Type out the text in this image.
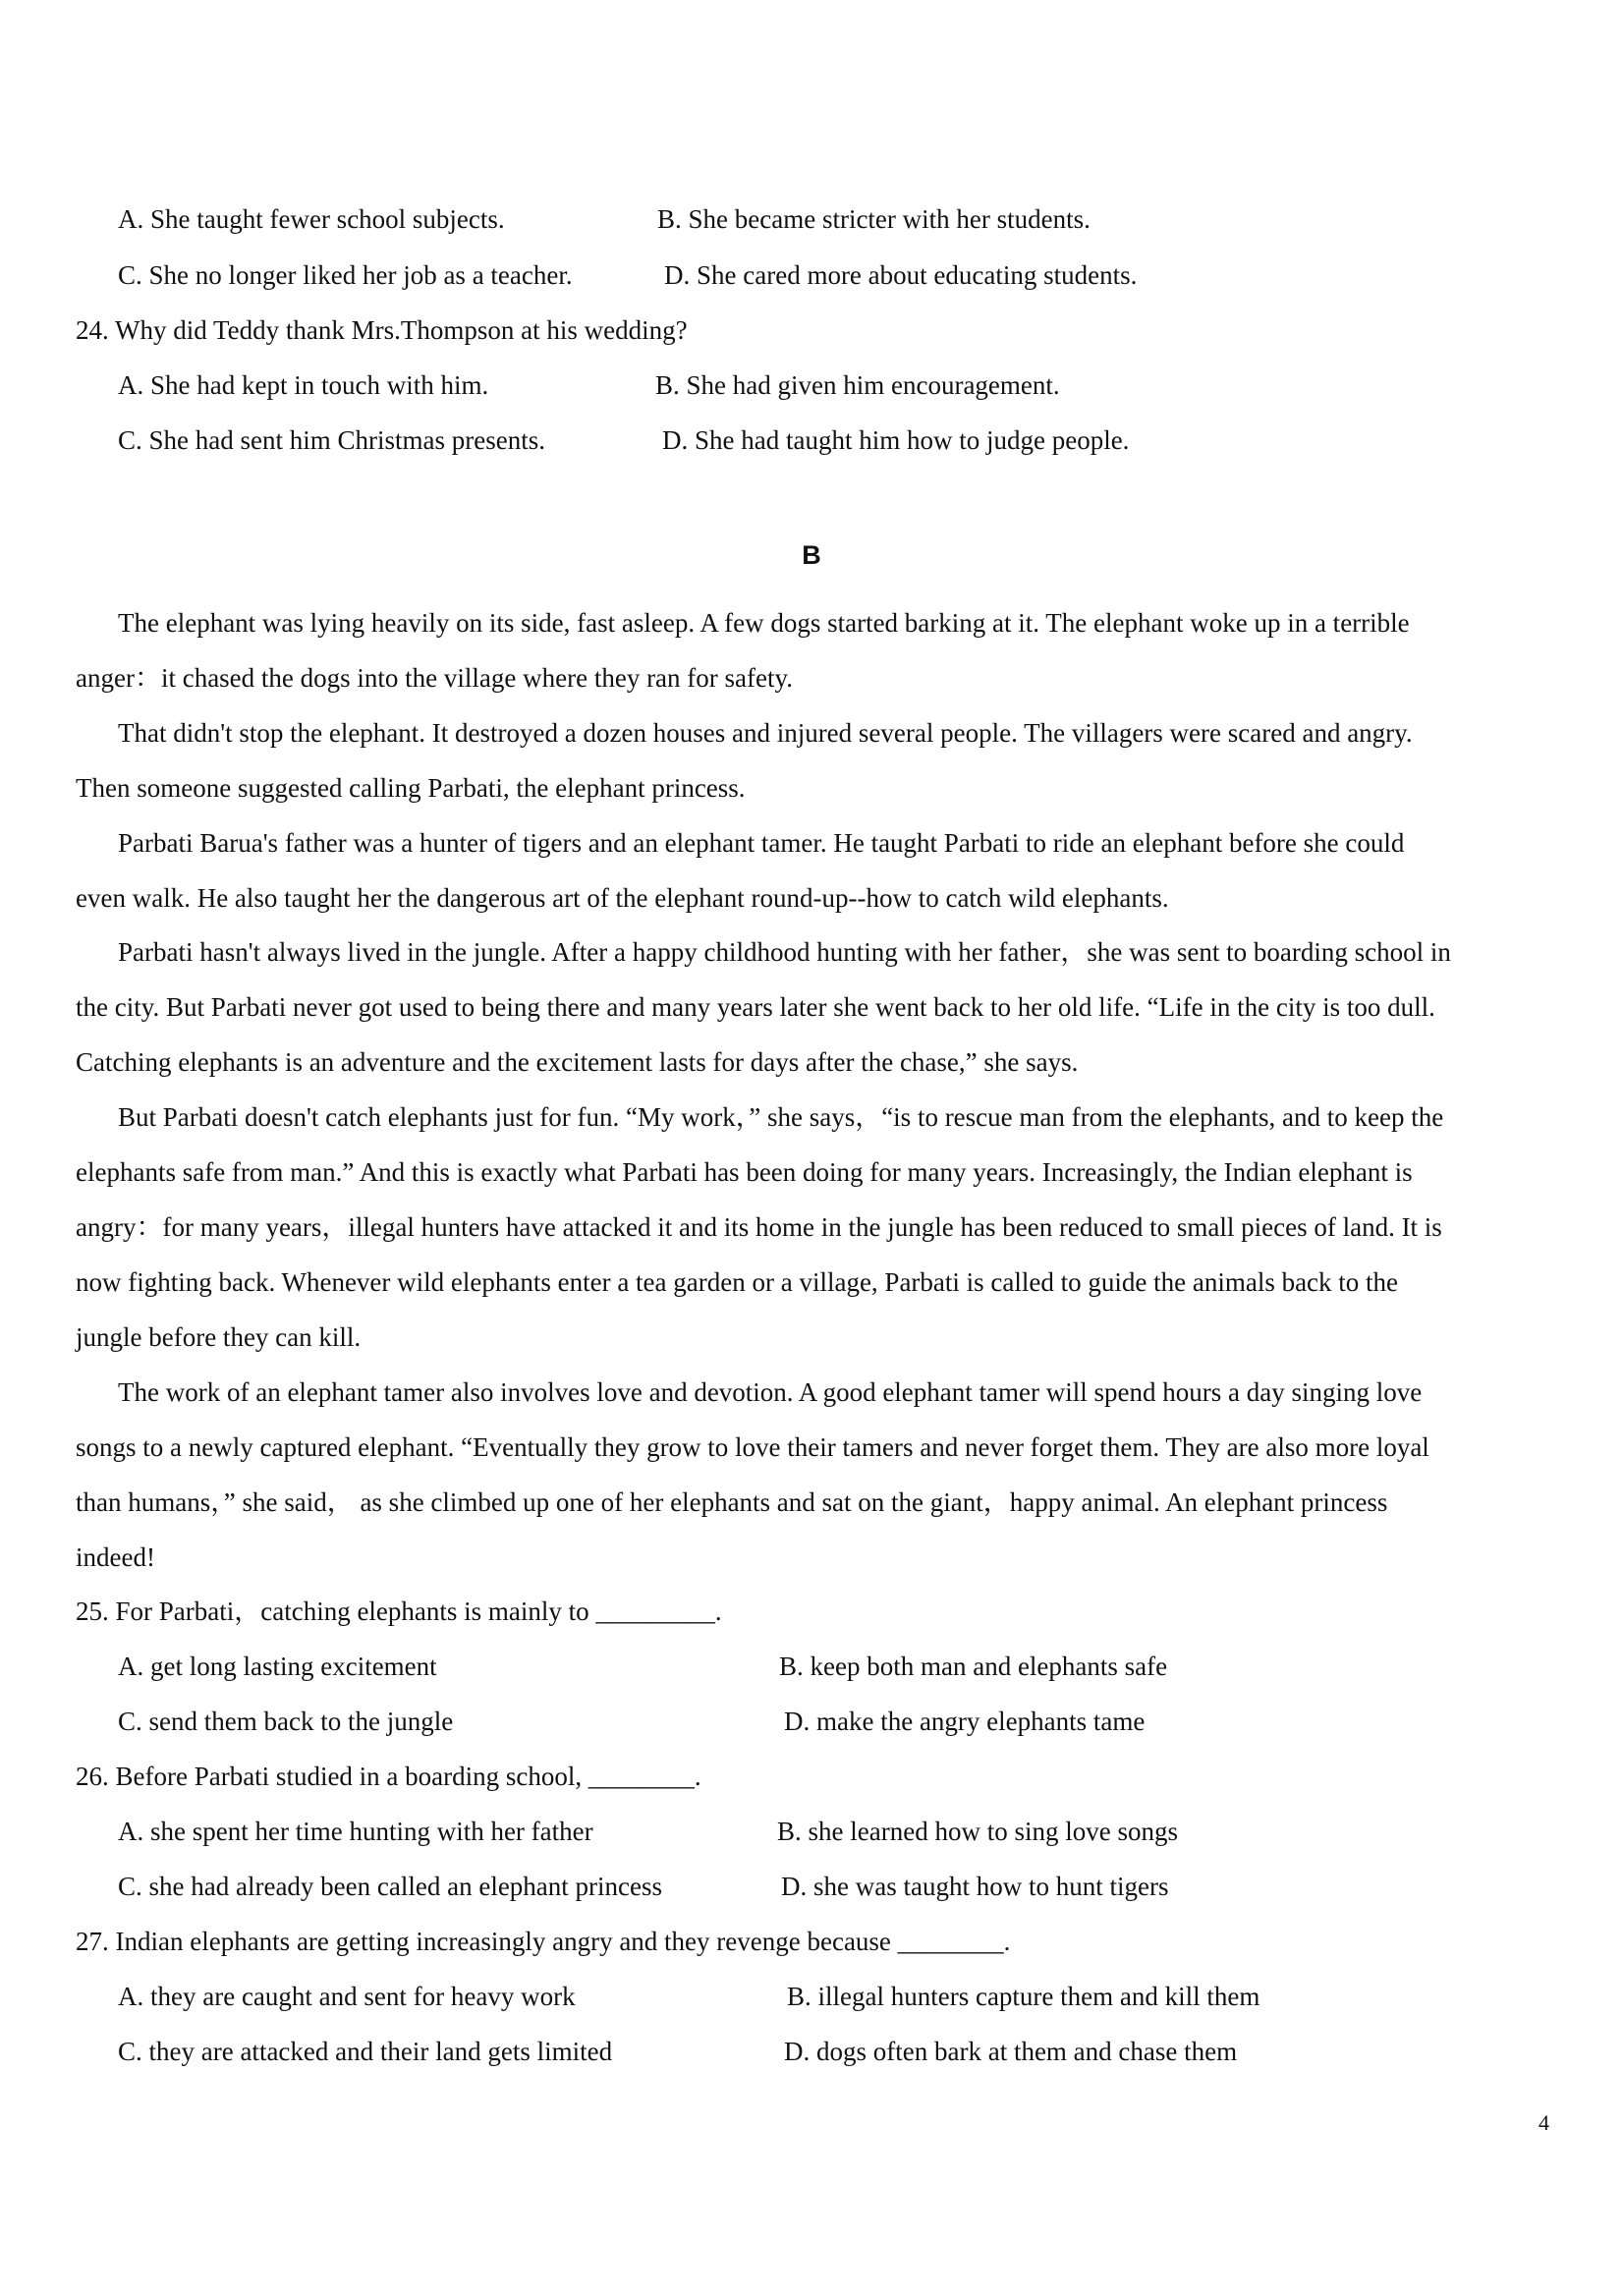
A. She taught fewer school subjects.	B. She became stricter with her students.
C. She no longer liked her job as a teacher.	D. She cared more about educating students.
24. Why did Teddy thank Mrs.Thompson at his wedding?
A. She had kept in touch with him.	B. She had given him encouragement.
C. She had sent him Christmas presents.	D. She had taught him how to judge people.
B
The elephant was lying heavily on its side, fast asleep. A few dogs started barking at it. The elephant woke up in a terrible
anger：it chased the dogs into the village where they ran for safety.
That didn't stop the elephant. It destroyed a dozen houses and injured several people. The villagers were scared and angry.
Then someone suggested calling Parbati, the elephant princess.
Parbati Barua's father was a hunter of tigers and an elephant tamer. He taught Parbati to ride an elephant before she could
even walk. He also taught her the dangerous art of the elephant round-up--how to catch wild elephants.
Parbati hasn't always lived in the jungle. After a happy childhood hunting with her father，she was sent to boarding school in
the city. But Parbati never got used to being there and many years later she went back to her old life. “Life in the city is too dull.
Catching elephants is an adventure and the excitement lasts for days after the chase,” she says.
But Parbati doesn't catch elephants just for fun. “My work，” she says，“is to rescue man from the elephants, and to keep the
elephants safe from man.” And this is exactly what Parbati has been doing for many years. Increasingly, the Indian elephant is
angry：for many years，illegal hunters have attacked it and its home in the jungle has been reduced to small pieces of land. It is
now fighting back. Whenever wild elephants enter a tea garden or a village, Parbati is called to guide the animals back to the
jungle before they can kill.
The work of an elephant tamer also involves love and devotion. A good elephant tamer will spend hours a day singing love
songs to a newly captured elephant. “Eventually they grow to love their tamers and never forget them. They are also more loyal
than humans，” she said， as she climbed up one of her elephants and sat on the giant，happy animal. An elephant princess
indeed!
25. For Parbati，catching elephants is mainly to _________.
A. get long lasting excitement	B. keep both man and elephants safe
C. send them back to the jungle	D. make the angry elephants tame
26. Before Parbati studied in a boarding school, ________.
A. she spent her time hunting with her father	B. she learned how to sing love songs
C. she had already been called an elephant princess	D. she was taught how to hunt tigers
27. Indian elephants are getting increasingly angry and they revenge because ________.
A. they are caught and sent for heavy work	B. illegal hunters capture them and kill them
C. they are attacked and their land gets limited	D. dogs often bark at them and chase them
4
